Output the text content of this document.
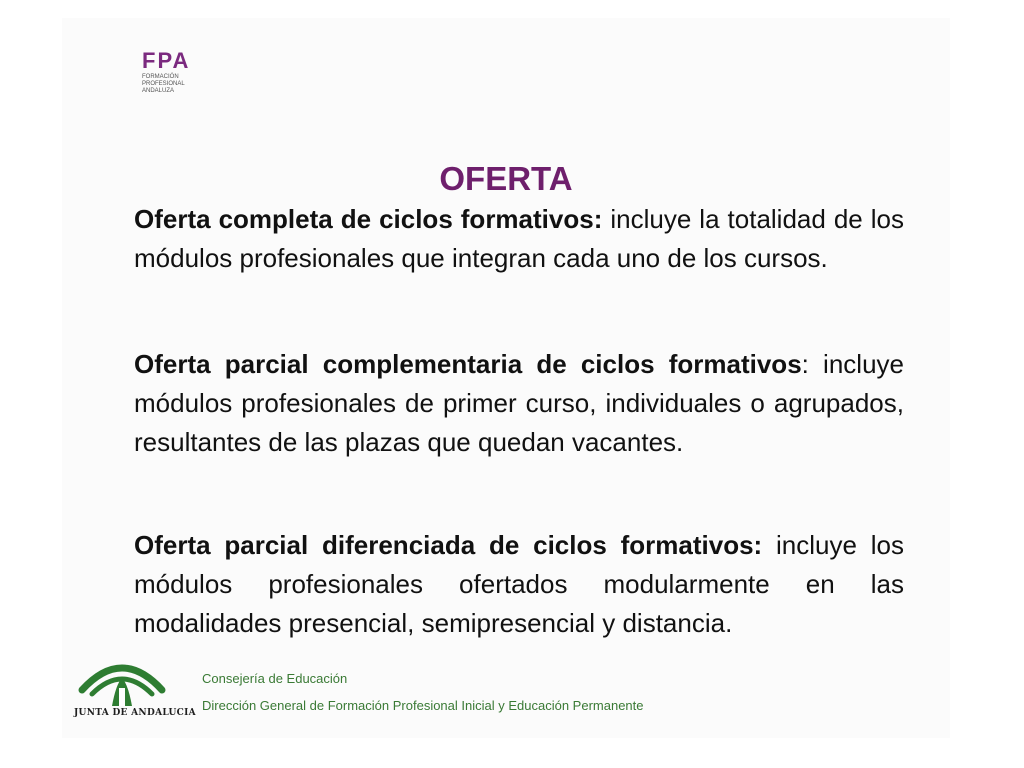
FPA
FORMACIÓN
PROFESIONAL
ANDALUZA
OFERTA

Oferta completa de ciclos formativos: incluye la totalidad de los módulos profesionales que integran cada uno de los cursos.

Oferta parcial complementaria de ciclos formativos: incluye módulos profesionales de primer curso, individuales o agrupados, resultantes de las plazas que quedan vacantes.

Oferta parcial diferenciada de ciclos formativos: incluye los módulos profesionales ofertados modularmente en las modalidades presencial, semipresencial y distancia.

JUNTA DE ANDALUCIA
Consejería de Educación
Dirección General de Formación Profesional Inicial y Educación Permanente
